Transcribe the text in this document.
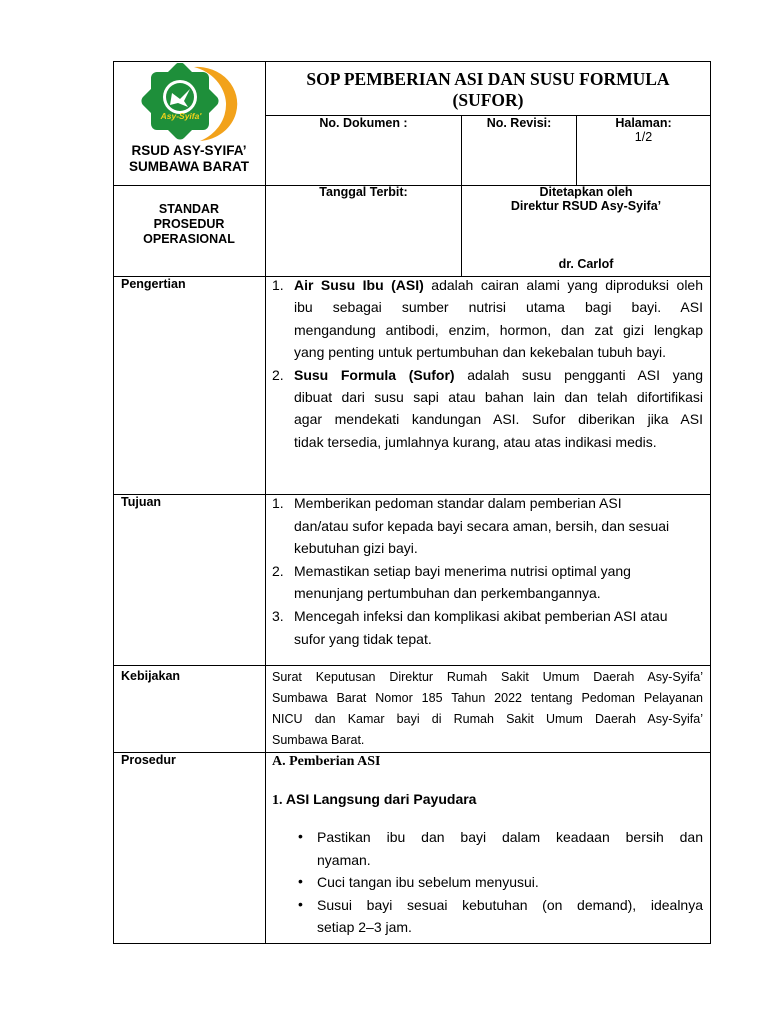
Asy-Syifa'
RSUD ASY-SYIFA’
SUMBAWA BARAT
SOP PEMBERIAN ASI DAN SUSU FORMULA
(SUFOR)
No. Dokumen :	No. Revisi:	Halaman:
1/2
STANDAR
PROSEDUR
OPERASIONAL
Tanggal Terbit:	Ditetapkan oleh
Direktur RSUD Asy-Syifa’
dr. Carlof
Pengertian	1. Air Susu Ibu (ASI) adalah cairan alami yang diproduksi oleh
ibu sebagai sumber nutrisi utama bagi bayi. ASI
mengandung antibodi, enzim, hormon, dan zat gizi lengkap
yang penting untuk pertumbuhan dan kekebalan tubuh bayi.
2. Susu Formula (Sufor) adalah susu pengganti ASI yang
dibuat dari susu sapi atau bahan lain dan telah difortifikasi
agar mendekati kandungan ASI. Sufor diberikan jika ASI
tidak tersedia, jumlahnya kurang, atau atas indikasi medis.
Tujuan	1. Memberikan pedoman standar dalam pemberian ASI
dan/atau sufor kepada bayi secara aman, bersih, dan sesuai
kebutuhan gizi bayi.
2. Memastikan setiap bayi menerima nutrisi optimal yang
menunjang pertumbuhan dan perkembangannya.
3. Mencegah infeksi dan komplikasi akibat pemberian ASI atau
sufor yang tidak tepat.
Kebijakan	Surat Keputusan Direktur Rumah Sakit Umum Daerah Asy-Syifa’
Sumbawa Barat Nomor 185 Tahun 2022 tentang Pedoman Pelayanan
NICU dan Kamar bayi di Rumah Sakit Umum Daerah Asy-Syifa’
Sumbawa Barat.
Prosedur	A. Pemberian ASI
1. ASI Langsung dari Payudara
• Pastikan ibu dan bayi dalam keadaan bersih dan
nyaman.
• Cuci tangan ibu sebelum menyusui.
• Susui bayi sesuai kebutuhan (on demand), idealnya
setiap 2–3 jam.
